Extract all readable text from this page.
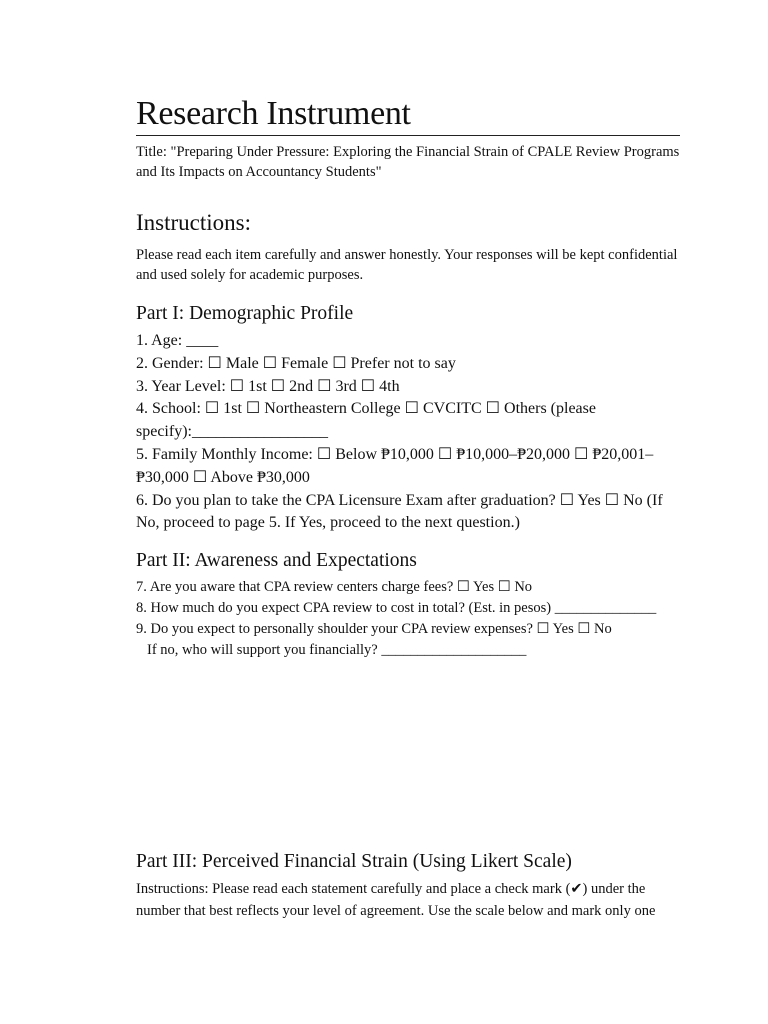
Research Instrument

Title: "Preparing Under Pressure: Exploring the Financial Strain of CPALE Review Programs and Its Impacts on Accountancy Students"

Instructions:

Please read each item carefully and answer honestly. Your responses will be kept confidential and used solely for academic purposes.

Part I: Demographic Profile
1. Age: ____
2. Gender: ☐ Male ☐ Female ☐ Prefer not to say
3. Year Level: ☐ 1st ☐ 2nd ☐ 3rd ☐ 4th
4. School: ☐ 1st ☐ Northeastern College ☐ CVCITC ☐ Others (please specify):_________________
5. Family Monthly Income: ☐ Below ₱10,000 ☐ ₱10,000–₱20,000 ☐ ₱20,001–₱30,000 ☐ Above ₱30,000
6. Do you plan to take the CPA Licensure Exam after graduation? ☐ Yes ☐ No (If No, proceed to page 5. If Yes, proceed to the next question.)
Part II: Awareness and Expectations
7. Are you aware that CPA review centers charge fees? ☐ Yes ☐ No
8. How much do you expect CPA review to cost in total? (Est. in pesos) ______________
9. Do you expect to personally shoulder your CPA review expenses? ☐ Yes ☐ No
If no, who will support you financially? ____________________
Part III: Perceived Financial Strain (Using Likert Scale)

Instructions: Please read each statement carefully and place a check mark (✔) under the number that best reflects your level of agreement. Use the scale below and mark only one
